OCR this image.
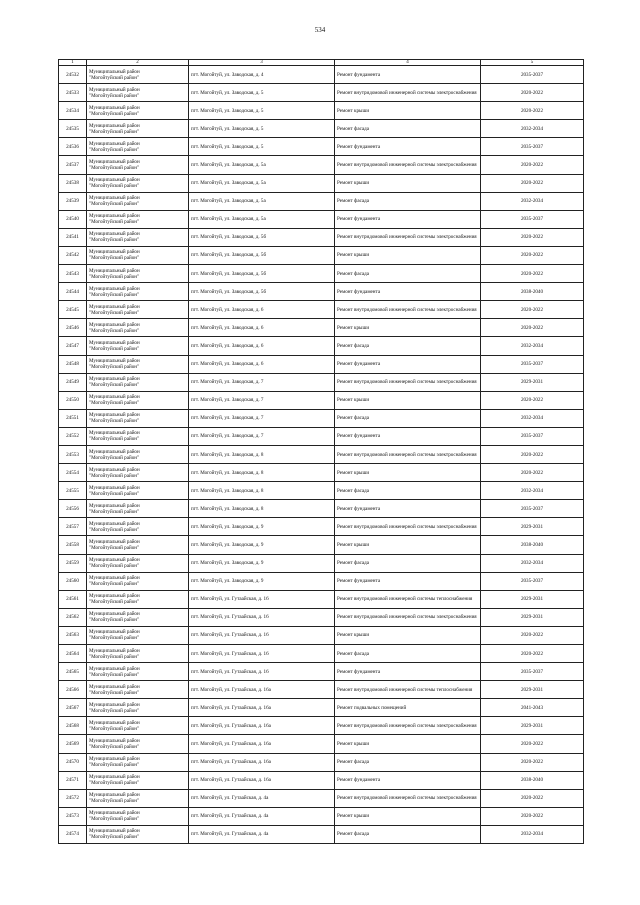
534
1	2	3	4	5
24532	Муниципальный район
"Могойтуйский район"	пгт. Могойтуй, ул. Заводская, д. 4	Ремонт фундамента	2035-2037
24533	Муниципальный район
"Могойтуйский район"	пгт. Могойтуй, ул. Заводская, д. 5	Ремонт внутридомовой инженерной системы электроснабжения	2020-2022
24534	Муниципальный район
"Могойтуйский район"	пгт. Могойтуй, ул. Заводская, д. 5	Ремонт крыши	2020-2022
24535	Муниципальный район
"Могойтуйский район"	пгт. Могойтуй, ул. Заводская, д. 5	Ремонт фасада	2032-2034
24536	Муниципальный район
"Могойтуйский район"	пгт. Могойтуй, ул. Заводская, д. 5	Ремонт фундамента	2035-2037
24537	Муниципальный район
"Могойтуйский район"	пгт. Могойтуй, ул. Заводская, д. 5а	Ремонт внутридомовой инженерной системы электроснабжения	2020-2022
24538	Муниципальный район
"Могойтуйский район"	пгт. Могойтуй, ул. Заводская, д. 5а	Ремонт крыши	2020-2022
24539	Муниципальный район
"Могойтуйский район"	пгт. Могойтуй, ул. Заводская, д. 5а	Ремонт фасада	2032-2034
24540	Муниципальный район
"Могойтуйский район"	пгт. Могойтуй, ул. Заводская, д. 5а	Ремонт фундамента	2035-2037
24541	Муниципальный район
"Могойтуйский район"	пгт. Могойтуй, ул. Заводская, д. 5б	Ремонт внутридомовой инженерной системы электроснабжения	2020-2022
24542	Муниципальный район
"Могойтуйский район"	пгт. Могойтуй, ул. Заводская, д. 5б	Ремонт крыши	2020-2022
24543	Муниципальный район
"Могойтуйский район"	пгт. Могойтуй, ул. Заводская, д. 5б	Ремонт фасада	2020-2022
24544	Муниципальный район
"Могойтуйский район"	пгт. Могойтуй, ул. Заводская, д. 5б	Ремонт фундамента	2038-2040
24545	Муниципальный район
"Могойтуйский район"	пгт. Могойтуй, ул. Заводская, д. 6	Ремонт внутридомовой инженерной системы электроснабжения	2020-2022
24546	Муниципальный район
"Могойтуйский район"	пгт. Могойтуй, ул. Заводская, д. 6	Ремонт крыши	2020-2022
24547	Муниципальный район
"Могойтуйский район"	пгт. Могойтуй, ул. Заводская, д. 6	Ремонт фасада	2032-2034
24548	Муниципальный район
"Могойтуйский район"	пгт. Могойтуй, ул. Заводская, д. 6	Ремонт фундамента	2035-2037
24549	Муниципальный район
"Могойтуйский район"	пгт. Могойтуй, ул. Заводская, д. 7	Ремонт внутридомовой инженерной системы электроснабжения	2029-2031
24550	Муниципальный район
"Могойтуйский район"	пгт. Могойтуй, ул. Заводская, д. 7	Ремонт крыши	2020-2022
24551	Муниципальный район
"Могойтуйский район"	пгт. Могойтуй, ул. Заводская, д. 7	Ремонт фасада	2032-2034
24552	Муниципальный район
"Могойтуйский район"	пгт. Могойтуй, ул. Заводская, д. 7	Ремонт фундамента	2035-2037
24553	Муниципальный район
"Могойтуйский район"	пгт. Могойтуй, ул. Заводская, д. 8	Ремонт внутридомовой инженерной системы электроснабжения	2020-2022
24554	Муниципальный район
"Могойтуйский район"	пгт. Могойтуй, ул. Заводская, д. 8	Ремонт крыши	2020-2022
24555	Муниципальный район
"Могойтуйский район"	пгт. Могойтуй, ул. Заводская, д. 8	Ремонт фасада	2032-2034
24556	Муниципальный район
"Могойтуйский район"	пгт. Могойтуй, ул. Заводская, д. 8	Ремонт фундамента	2035-2037
24557	Муниципальный район
"Могойтуйский район"	пгт. Могойтуй, ул. Заводская, д. 9	Ремонт внутридомовой инженерной системы электроснабжения	2029-2031
24558	Муниципальный район
"Могойтуйский район"	пгт. Могойтуй, ул. Заводская, д. 9	Ремонт крыши	2038-2040
24559	Муниципальный район
"Могойтуйский район"	пгт. Могойтуй, ул. Заводская, д. 9	Ремонт фасада	2032-2034
24560	Муниципальный район
"Могойтуйский район"	пгт. Могойтуй, ул. Заводская, д. 9	Ремонт фундамента	2035-2037
24561	Муниципальный район
"Могойтуйский район"	пгт. Могойтуй, ул. Гутаайская, д. 16	Ремонт внутридомовой инженерной системы теплоснабжения	2029-2031
24562	Муниципальный район
"Могойтуйский район"	пгт. Могойтуй, ул. Гутаайская, д. 16	Ремонт внутридомовой инженерной системы электроснабжения	2029-2031
24563	Муниципальный район
"Могойтуйский район"	пгт. Могойтуй, ул. Гутаайская, д. 16	Ремонт крыши	2020-2022
24564	Муниципальный район
"Могойтуйский район"	пгт. Могойтуй, ул. Гутаайская, д. 16	Ремонт фасада	2020-2022
24565	Муниципальный район
"Могойтуйский район"	пгт. Могойтуй, ул. Гутаайская, д. 16	Ремонт фундамента	2035-2037
24566	Муниципальный район
"Могойтуйский район"	пгт. Могойтуй, ул. Гутаайская, д. 16а	Ремонт внутридомовой инженерной системы теплоснабжения	2029-2031
24567	Муниципальный район
"Могойтуйский район"	пгт. Могойтуй, ул. Гутаайская, д. 16а	Ремонт подвальных помещений	2041-2043
24568	Муниципальный район
"Могойтуйский район"	пгт. Могойтуй, ул. Гутаайская, д. 16а	Ремонт внутридомовой инженерной системы электроснабжения	2029-2031
24569	Муниципальный район
"Могойтуйский район"	пгт. Могойтуй, ул. Гутаайская, д. 16а	Ремонт крыши	2020-2022
24570	Муниципальный район
"Могойтуйский район"	пгт. Могойтуй, ул. Гутаайская, д. 16а	Ремонт фасада	2020-2022
24571	Муниципальный район
"Могойтуйский район"	пгт. Могойтуй, ул. Гутаайская, д. 16а	Ремонт фундамента	2038-2040
24572	Муниципальный район
"Могойтуйский район"	пгт. Могойтуй, ул. Гутаайская, д. 4а	Ремонт внутридомовой инженерной системы электроснабжения	2020-2022
24573	Муниципальный район
"Могойтуйский район"	пгт. Могойтуй, ул. Гутаайская, д. 4а	Ремонт крыши	2020-2022
24574	Муниципальный район
"Могойтуйский район"	пгт. Могойтуй, ул. Гутаайская, д. 4а	Ремонт фасада	2032-2034
